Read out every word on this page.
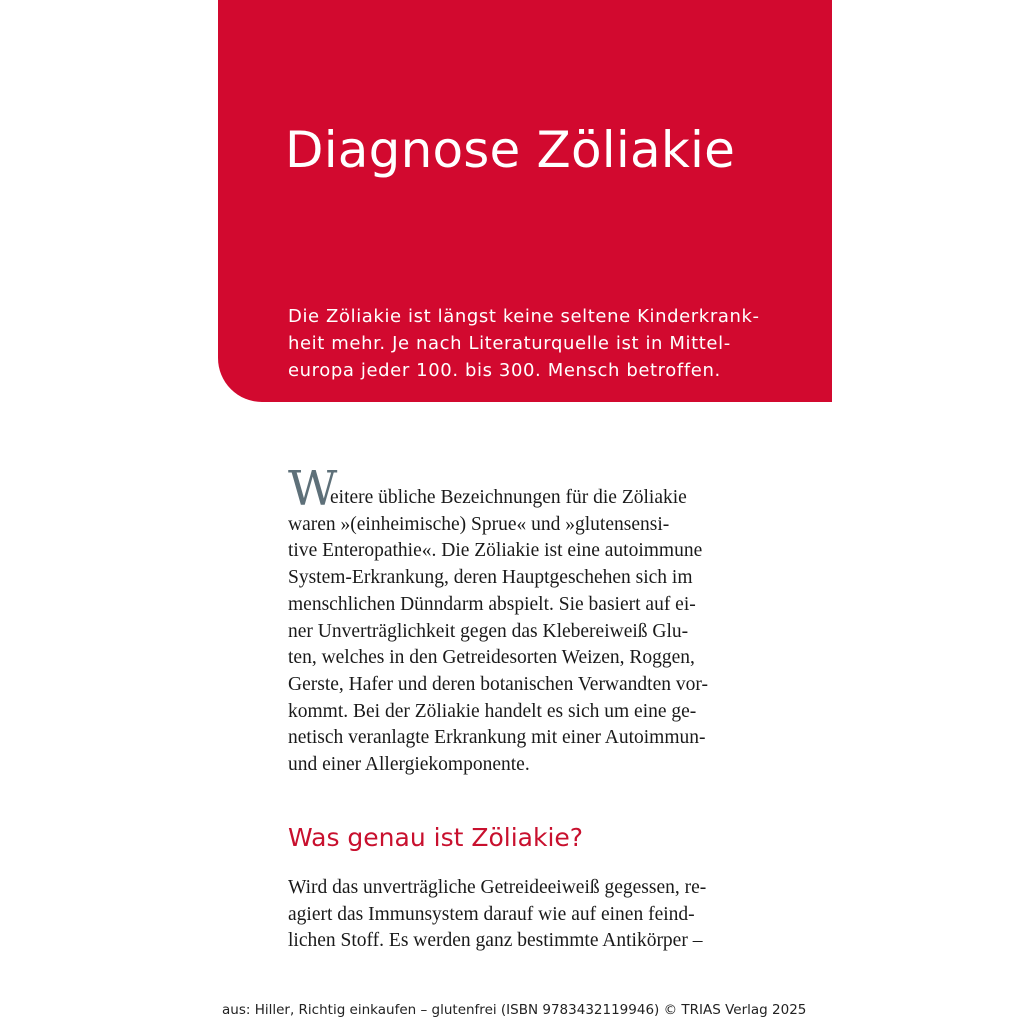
Diagnose Zöliakie

Die Zöliakie ist längst keine seltene Kinderkrank-
heit mehr. Je nach Literaturquelle ist in Mittel-
europa jeder 100. bis 300. Mensch betroffen.

W

eitere übliche Bezeichnungen für die Zöliakie
waren »(einheimische) Sprue« und »glutensensi-
tive Enteropathie«. Die Zöliakie ist eine autoimmune
System-Erkrankung, deren Hauptgeschehen sich im
menschlichen Dünndarm abspielt. Sie basiert auf ei-
ner Unverträglichkeit gegen das Klebereiweiß Glu-
ten, welches in den Getreidesorten Weizen, Roggen,
Gerste, Hafer und deren botanischen Verwandten vor-
kommt. Bei der Zöliakie handelt es sich um eine ge-
netisch veranlagte Erkrankung mit einer Autoimmun-
und einer Allergiekomponente.

Was genau ist Zöliakie?

Wird das unverträgliche Getreideeiweiß gegessen, re-
agiert das Immunsystem darauf wie auf einen feind-
lichen Stoff. Es werden ganz bestimmte Antikörper –

aus: Hiller, Richtig einkaufen – glutenfrei (ISBN 9783432119946) © TRIAS Verlag 2025
